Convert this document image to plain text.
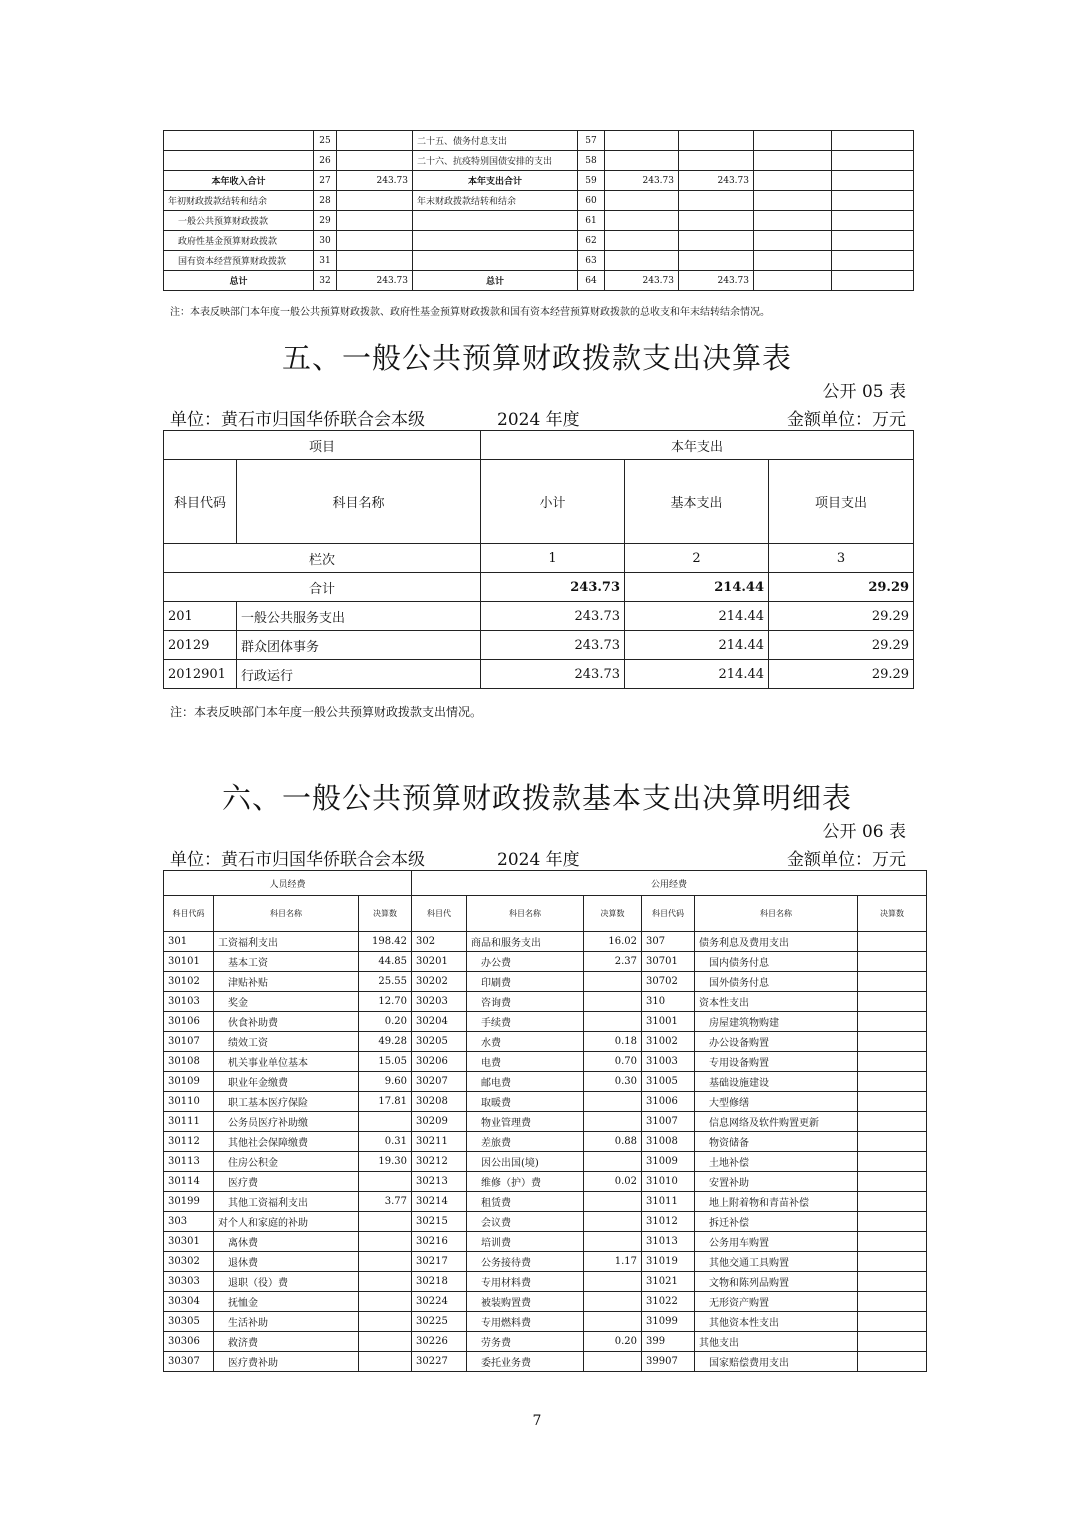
	25		二十五、债务付息支出	57				
	26		二十六、抗疫特别国债安排的支出	58				
本年收入合计	27	243.73	本年支出合计	59	243.73	243.73		
年初财政拨款结转和结余	28		年末财政拨款结转和结余	60				
一般公共预算财政拨款	29			61				
政府性基金预算财政拨款	30			62				
国有资本经营预算财政拨款	31			63				
总计	32	243.73	总计	64	243.73	243.73		
注：本表反映部门本年度一般公共预算财政拨款、政府性基金预算财政拨款和国有资本经营预算财政拨款的总收支和年末结转结余情况。
五、一般公共预算财政拨款支出决算表
公开 05 表
单位：黄石市归国华侨联合会本级	2024 年度	金额单位：万元
项目		本年支出		
科目代码	科目名称	小计	基本支出	项目支出
栏次		1	2	3
合计		243.73	214.44	29.29
201	一般公共服务支出	243.73	214.44	29.29
20129	群众团体事务	243.73	214.44	29.29
2012901	行政运行	243.73	214.44	29.29
注：本表反映部门本年度一般公共预算财政拨款支出情况。
六、一般公共预算财政拨款基本支出决算明细表
公开 06 表
单位：黄石市归国华侨联合会本级	2024 年度	金额单位：万元
人员经费			公用经费					
科目代码	科目名称	决算数	科目代	科目名称	决算数	科目代码	科目名称	决算数
301	工资福利支出	198.42	302	商品和服务支出	16.02	307	债务利息及费用支出	
30101	基本工资	44.85	30201	办公费	2.37	30701	国内债务付息	
30102	津贴补贴	25.55	30202	印刷费		30702	国外债务付息	
30103	奖金	12.70	30203	咨询费		310	资本性支出	
30106	伙食补助费	0.20	30204	手续费		31001	房屋建筑物购建	
30107	绩效工资	49.28	30205	水费	0.18	31002	办公设备购置	
30108	机关事业单位基本	15.05	30206	电费	0.70	31003	专用设备购置	
30109	职业年金缴费	9.60	30207	邮电费	0.30	31005	基础设施建设	
30110	职工基本医疗保险	17.81	30208	取暖费		31006	大型修缮	
30111	公务员医疗补助缴		30209	物业管理费		31007	信息网络及软件购置更新	
30112	其他社会保障缴费	0.31	30211	差旅费	0.88	31008	物资储备	
30113	住房公积金	19.30	30212	因公出国(境)		31009	土地补偿	
30114	医疗费		30213	维修（护）费	0.02	31010	安置补助	
30199	其他工资福利支出	3.77	30214	租赁费		31011	地上附着物和青苗补偿	
303	对个人和家庭的补助		30215	会议费		31012	拆迁补偿	
30301	离休费		30216	培训费		31013	公务用车购置	
30302	退休费		30217	公务接待费	1.17	31019	其他交通工具购置	
30303	退职（役）费		30218	专用材料费		31021	文物和陈列品购置	
30304	抚恤金		30224	被装购置费		31022	无形资产购置	
30305	生活补助		30225	专用燃料费		31099	其他资本性支出	
30306	救济费		30226	劳务费	0.20	399	其他支出	
30307	医疗费补助		30227	委托业务费		39907	国家赔偿费用支出	
7
